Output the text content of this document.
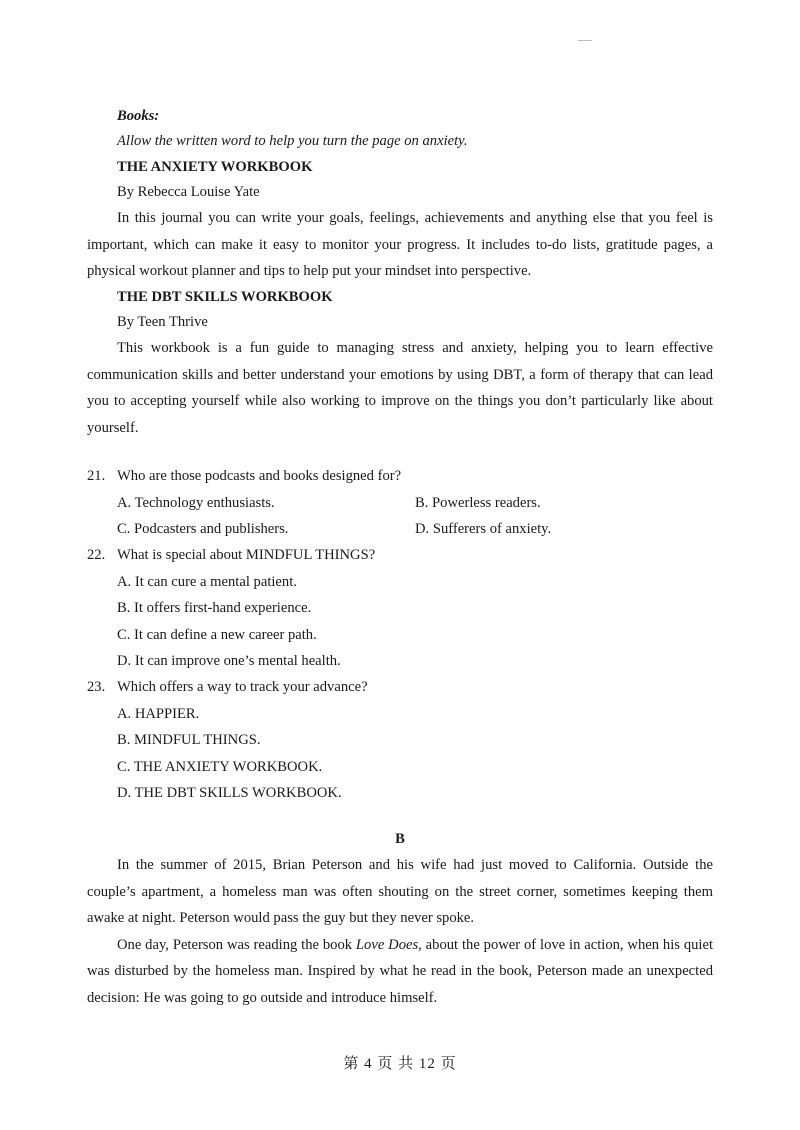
Books:
Allow the written word to help you turn the page on anxiety.
THE ANXIETY WORKBOOK
By Rebecca Louise Yate
In this journal you can write your goals, feelings, achievements and anything else that you feel is important, which can make it easy to monitor your progress. It includes to-do lists, gratitude pages, a physical workout planner and tips to help put your mindset into perspective.
THE DBT SKILLS WORKBOOK
By Teen Thrive
This workbook is a fun guide to managing stress and anxiety, helping you to learn effective communication skills and better understand your emotions by using DBT, a form of therapy that can lead you to accepting yourself while also working to improve on the things you don’t particularly like about yourself.
21. Who are those podcasts and books designed for?
A. Technology enthusiasts.	B. Powerless readers.
C. Podcasters and publishers.	D. Sufferers of anxiety.
22. What is special about MINDFUL THINGS?
A. It can cure a mental patient.
B. It offers first-hand experience.
C. It can define a new career path.
D. It can improve one’s mental health.
23. Which offers a way to track your advance?
A. HAPPIER.
B. MINDFUL THINGS.
C. THE ANXIETY WORKBOOK.
D. THE DBT SKILLS WORKBOOK.
B
In the summer of 2015, Brian Peterson and his wife had just moved to California. Outside the couple’s apartment, a homeless man was often shouting on the street corner, sometimes keeping them awake at night. Peterson would pass the guy but they never spoke.
One day, Peterson was reading the book Love Does, about the power of love in action, when his quiet was disturbed by the homeless man. Inspired by what he read in the book, Peterson made an unexpected decision: He was going to go outside and introduce himself.
第 4 页 共 12 页
